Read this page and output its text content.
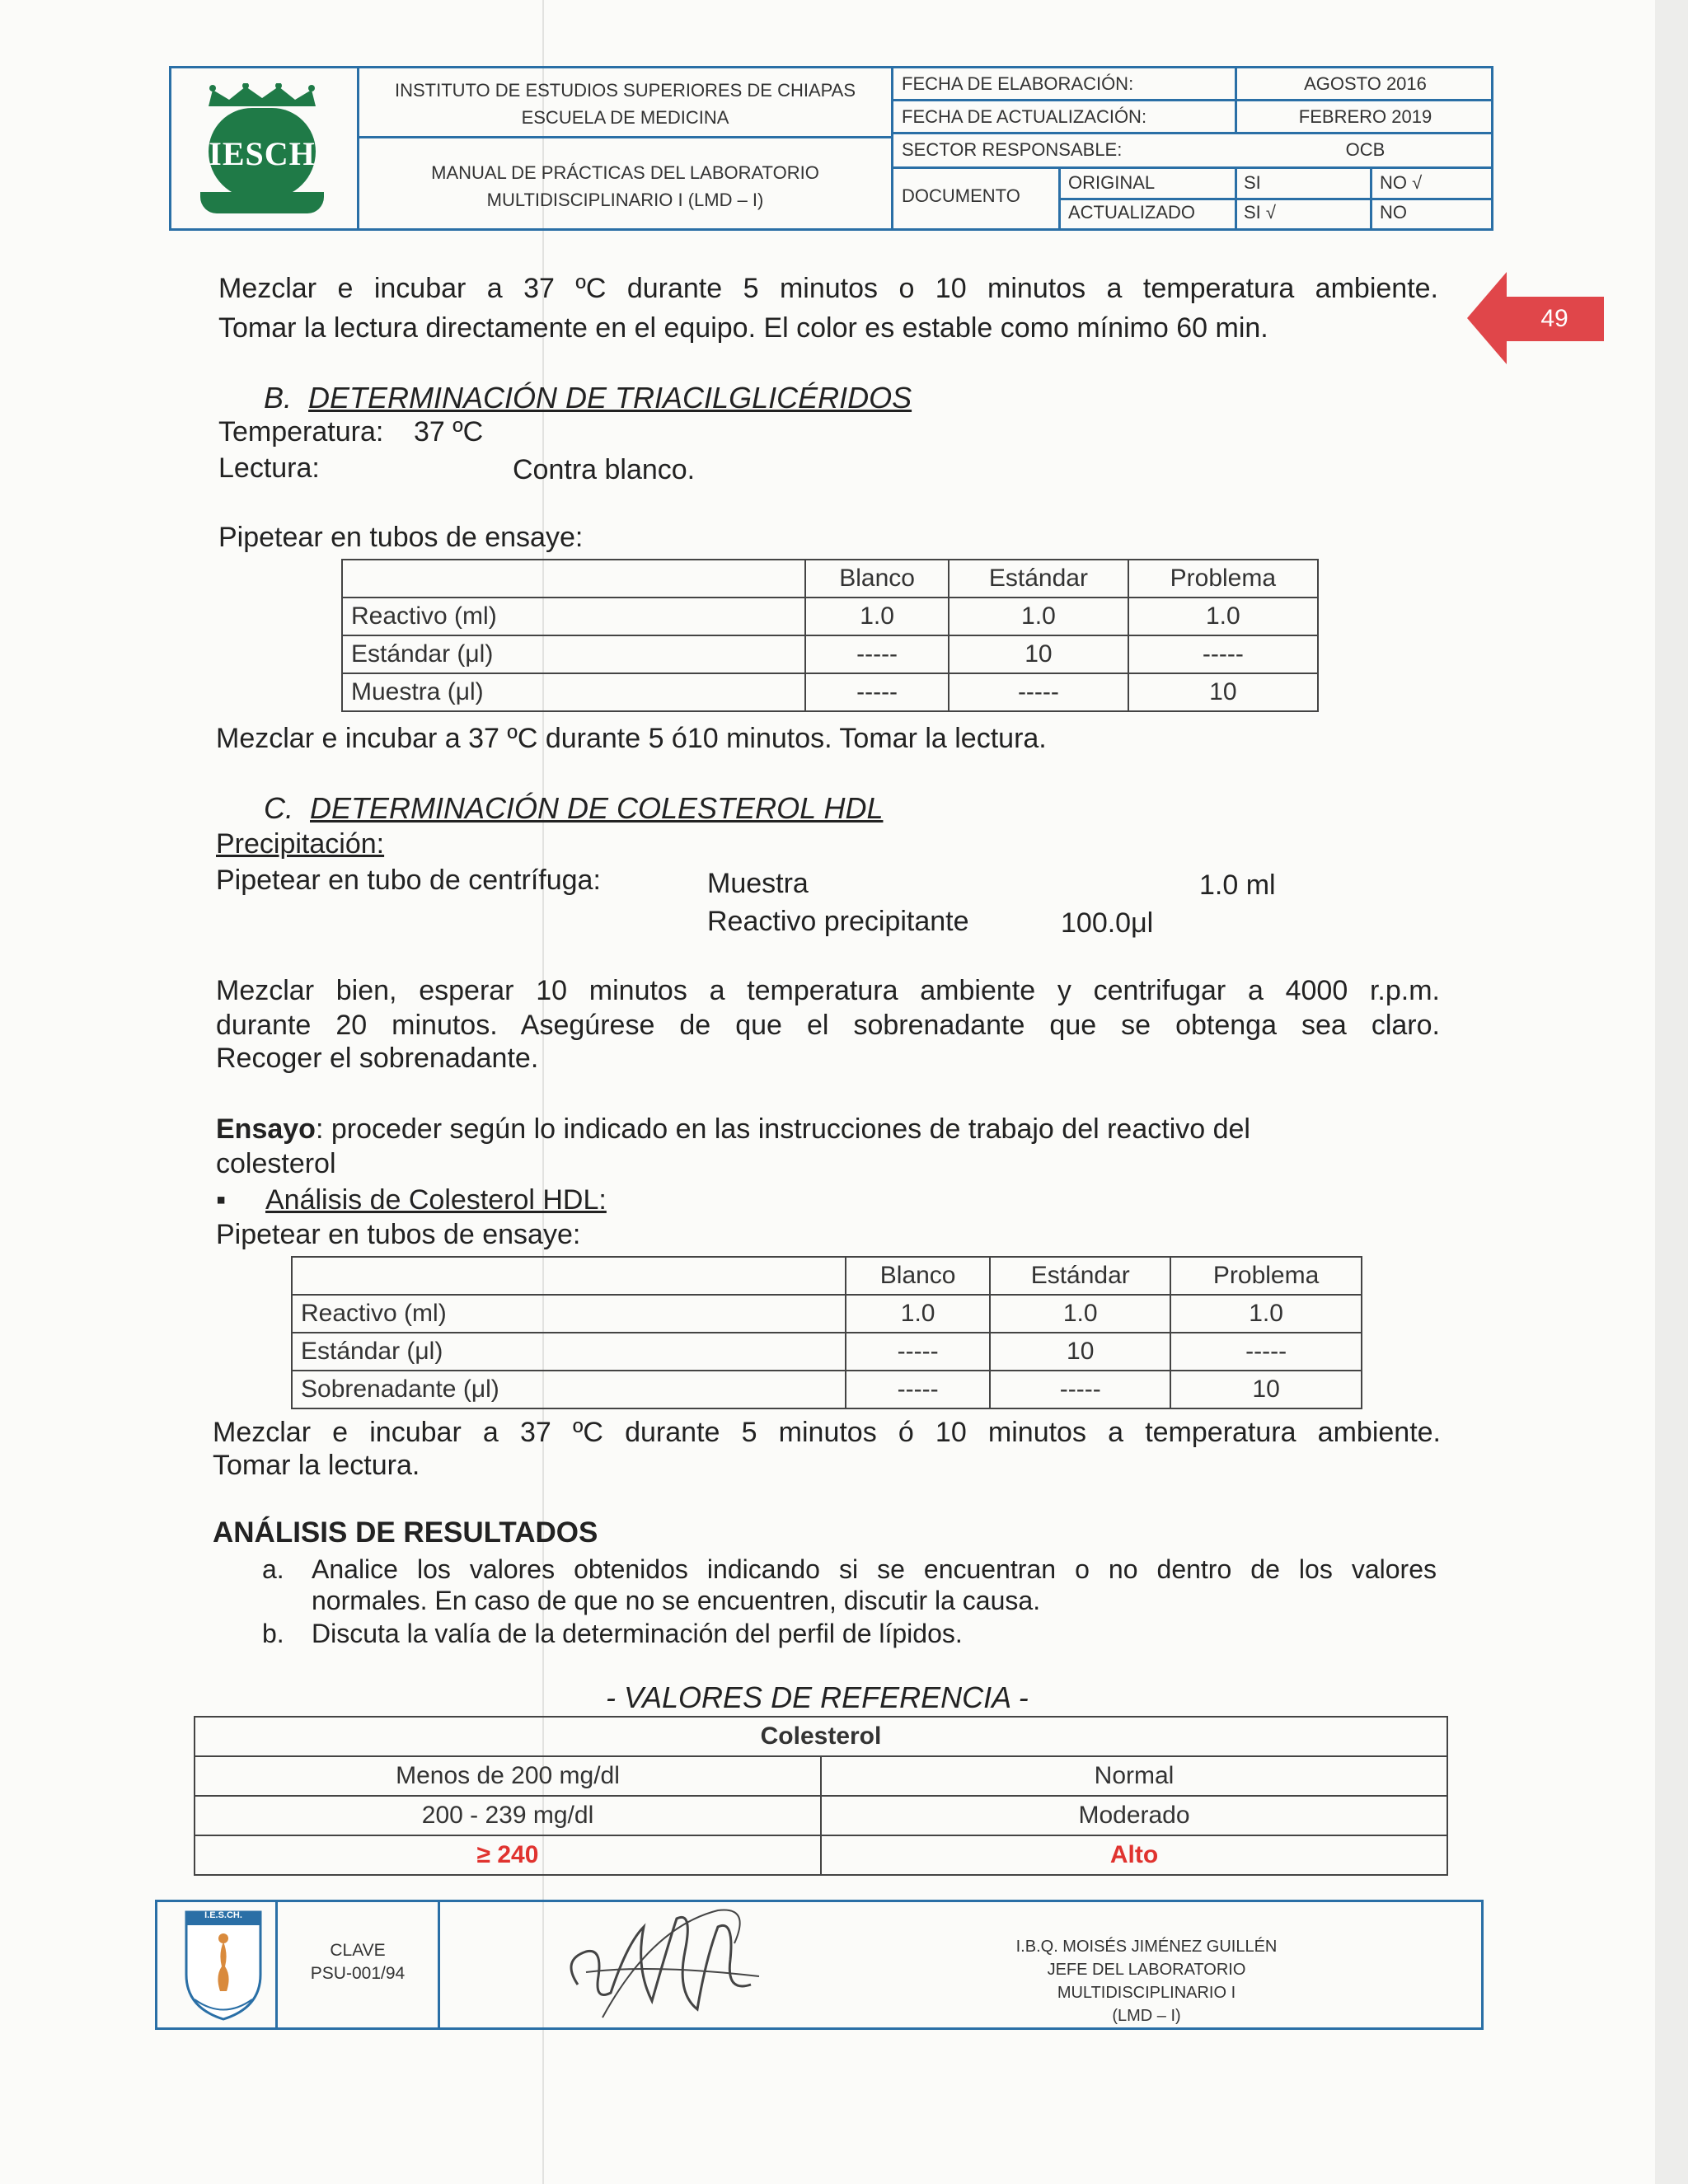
IESCH
INSTITUTO DE ESTUDIOS SUPERIORES DE CHIAPAS
ESCUELA DE MEDICINA
MANUAL DE PRÁCTICAS DEL LABORATORIO
MULTIDISCIPLINARIO I (LMD – I)
FECHA DE ELABORACIÓN:	AGOSTO 2016
FECHA DE ACTUALIZACIÓN:	FEBRERO 2019
SECTOR RESPONSABLE:	OCB
DOCUMENTO
ORIGINAL	SI	NO √
ACTUALIZADO	SI √	NO
49
Mezclar e incubar a 37 ºC durante 5 minutos o 10 minutos a temperatura ambiente.
Tomar la lectura directamente en el equipo. El color es estable como mínimo 60 min.
B. DETERMINACIÓN DE TRIACILGLICÉRIDOS
Temperatura: 37 ºC
Lectura:	Contra blanco.
Pipetear en tubos de ensaye:
	Blanco	Estándar	Problema
Reactivo (ml)	1.0	1.0	1.0
Estándar (μl)	-----	10	-----
Muestra (μl)	-----	-----	10
Mezclar e incubar a 37 ºC durante 5 ó10 minutos. Tomar la lectura.
C. DETERMINACIÓN DE COLESTEROL HDL
Precipitación:
Pipetear en tubo de centrífuga:	Muestra	1.0 ml
Reactivo precipitante	100.0μl
Mezclar bien, esperar 10 minutos a temperatura ambiente y centrifugar a 4000 r.p.m.
durante 20 minutos. Asegúrese de que el sobrenadante que se obtenga sea claro.
Recoger el sobrenadante.
Ensayo: proceder según lo indicado en las instrucciones de trabajo del reactivo del
colesterol
▪ Análisis de Colesterol HDL:
Pipetear en tubos de ensaye:
	Blanco	Estándar	Problema
Reactivo (ml)	1.0	1.0	1.0
Estándar (μl)	-----	10	-----
Sobrenadante (μl)	-----	-----	10
Mezclar e incubar a 37 ºC durante 5 minutos ó 10 minutos a temperatura ambiente.
Tomar la lectura.
ANÁLISIS DE RESULTADOS
a. Analice los valores obtenidos indicando si se encuentran o no dentro de los valores
normales. En caso de que no se encuentren, discutir la causa.
b. Discuta la valía de la determinación del perfil de lípidos.
- VALORES DE REFERENCIA -
Colesterol	
Menos de 200 mg/dl	Normal
200 - 239 mg/dl	Moderado
≥ 240	Alto
I.E.S.CH.
CLAVE
PSU-001/94
I.B.Q. MOISÉS JIMÉNEZ GUILLÉN
JEFE DEL LABORATORIO MULTIDISCIPLINARIO I
(LMD – I)
